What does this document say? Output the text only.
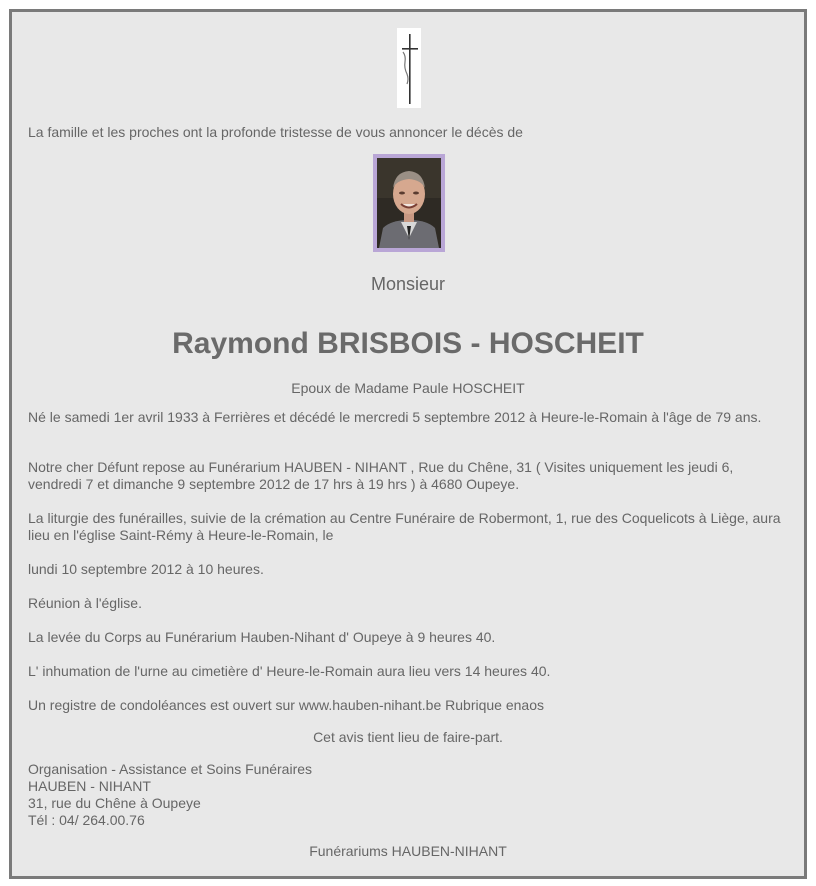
La famille et les proches ont la profonde tristesse de vous annoncer le décès de
Monsieur
Raymond BRISBOIS - HOSCHEIT
Epoux de Madame Paule HOSCHEIT
Né le samedi 1er avril 1933 à Ferrières et décédé le mercredi 5 septembre 2012 à Heure-le-Romain à l'âge de 79 ans.
Notre cher Défunt repose au Funérarium HAUBEN - NIHANT , Rue du Chêne, 31 ( Visites uniquement les jeudi 6, vendredi 7 et dimanche 9 septembre 2012 de 17 hrs à 19 hrs ) à 4680 Oupeye.
La liturgie des funérailles, suivie de la crémation au Centre Funéraire de Robermont, 1, rue des Coquelicots à Liège, aura lieu en l'église Saint-Rémy à Heure-le-Romain, le
lundi 10 septembre 2012 à 10 heures.
Réunion à l'église.
La levée du Corps au Funérarium Hauben-Nihant d' Oupeye à 9 heures 40.
L' inhumation de l'urne au cimetière d' Heure-le-Romain aura lieu vers 14 heures 40.
Un registre de condoléances est ouvert sur www.hauben-nihant.be Rubrique enaos
Cet avis tient lieu de faire-part.
Organisation - Assistance et Soins Funéraires
HAUBEN - NIHANT
31, rue du Chêne à Oupeye
Tél : 04/ 264.00.76
Funérariums HAUBEN-NIHANT
